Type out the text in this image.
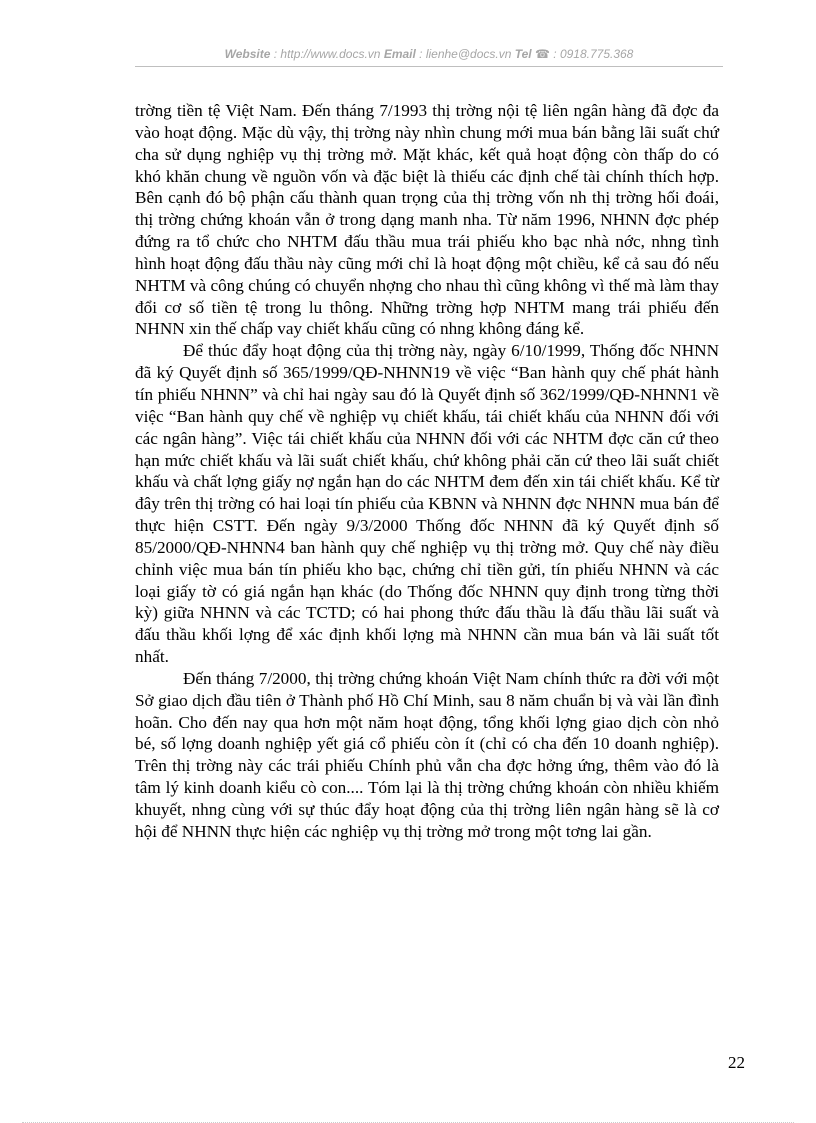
Website : http://www.docs.vn Email : lienhe@docs.vn Tel ☎ : 0918.775.368

trờng tiền tệ Việt Nam. Đến tháng 7/1993 thị trờng nội tệ liên ngân hàng đã đợc đa vào hoạt động. Mặc dù vậy, thị trờng này nhìn chung mới mua bán bằng lãi suất chứ cha sử dụng nghiệp vụ thị trờng mở. Mặt khác, kết quả hoạt động còn thấp do có khó khăn chung về nguồn vốn và đặc biệt là thiếu các định chế tài chính thích hợp. Bên cạnh đó bộ phận cấu thành quan trọng của thị trờng vốn nh thị trờng hối đoái, thị trờng chứng khoán vẫn ở trong dạng manh nha. Từ năm 1996, NHNN đợc phép đứng ra tổ chức cho NHTM đấu thầu mua trái phiếu kho bạc nhà nớc, nhng tình hình hoạt động đấu thầu này cũng mới chỉ là hoạt động một chiều, kể cả sau đó nếu NHTM và công chúng có chuyển nhợng cho nhau thì cũng không vì thế mà làm thay đổi cơ số tiền tệ trong lu thông. Những trờng hợp NHTM mang trái phiếu đến NHNN xin thế chấp vay chiết khấu cũng có nhng không đáng kể.

Để thúc đẩy hoạt động của thị trờng này, ngày 6/10/1999, Thống đốc NHNN đã ký Quyết định số 365/1999/QĐ-NHNN19 về việc “Ban hành quy chế phát hành tín phiếu NHNN” và chỉ hai ngày sau đó là Quyết định số 362/1999/QĐ-NHNN1 về việc “Ban hành quy chế về nghiệp vụ chiết khấu, tái chiết khấu của NHNN đối với các ngân hàng”. Việc tái chiết khấu của NHNN đối với các NHTM đợc căn cứ theo hạn mức chiết khấu và lãi suất chiết khấu, chứ không phải căn cứ theo lãi suất chiết khấu và chất lợng giấy nợ ngắn hạn do các NHTM đem đến xin tái chiết khấu. Kể từ đây trên thị trờng có hai loại tín phiếu của KBNN và NHNN đợc NHNN mua bán để thực hiện CSTT. Đến ngày 9/3/2000 Thống đốc NHNN đã ký Quyết định số 85/2000/QĐ-NHNN4 ban hành quy chế nghiệp vụ thị trờng mở. Quy chế này điều chỉnh việc mua bán tín phiếu kho bạc, chứng chỉ tiền gửi, tín phiếu NHNN và các loại giấy tờ có giá ngắn hạn khác (do Thống đốc NHNN quy định trong từng thời kỳ) giữa NHNN và các TCTD; có hai phong thức đấu thầu là đấu thầu lãi suất và đấu thầu khối lợng để xác định khối lợng mà NHNN cần mua bán và lãi suất tốt nhất.

Đến tháng 7/2000, thị trờng chứng khoán Việt Nam chính thức ra đời với một Sở giao dịch đầu tiên ở Thành phố Hồ Chí Minh, sau 8 năm chuẩn bị và vài lần đình hoãn. Cho đến nay qua hơn một năm hoạt động, tổng khối lợng giao dịch còn nhỏ bé, số lợng doanh nghiệp yết giá cổ phiếu còn ít (chỉ có cha đến 10 doanh nghiệp). Trên thị trờng này các trái phiếu Chính phủ vẫn cha đợc hởng ứng, thêm vào đó là tâm lý kinh doanh kiểu cò con.... Tóm lại là thị trờng chứng khoán còn nhiều khiếm khuyết, nhng cùng với sự thúc đẩy hoạt động của thị trờng liên ngân hàng sẽ là cơ hội để NHNN thực hiện các nghiệp vụ thị trờng mở trong một tơng lai gần.

22
